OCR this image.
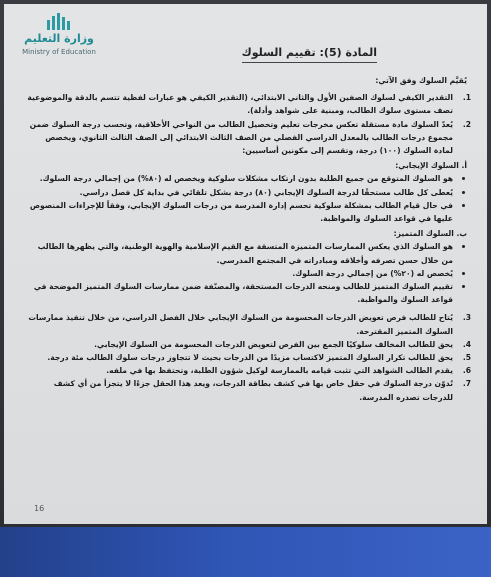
وزارة التعليم
Ministry of Education	المادة (5): تقييم السلوك

يُقيَّم السلوك وفق الآتي:

1.
التقدير الكيفي لسلوك الصفين الأول والثاني الابتدائي، (التقدير الكيفي هو عبارات لفظية تتسم بالدقة والموضوعية تصف مستوى سلوك الطالب، ومبنية على شواهد وأدلة).

2.
يُعدّ السلوك مادة مستقلة تعكس مخرجات تعليم وتحصيل الطالب من النواحي الأخلاقية، وتحسب درجة السلوك ضمن مجموع درجات الطالب بالمعدل الدراسي الفصلي من الصف الثالث الابتدائي إلى الصف الثالث الثانوي، ويخصص لمادة السلوك (١٠٠) درجة، وتقسم إلى مكونين أساسيين:

أ. السلوك الإيجابي:

هو السلوك المتوقع من جميع الطلبة بدون ارتكاب مشكلات سلوكية ويخصص له (٨٠%) من إجمالي درجة السلوك.

يُعطى كل طالب مستحقًا لدرجة السلوك الإيجابي (٨٠) درجة بشكل تلقائي في بداية كل فصل دراسي.

في حال قيام الطالب بمشكلة سلوكية تحسم إدارة المدرسة من درجات السلوك الإيجابي، وفقاً للإجراءات المنصوص عليها في قواعد السلوك والمواظبة.

ب. السلوك المتميز:

هو السلوك الذي يعكس الممارسات المتميزة المتسقة مع القيم الإسلامية والهوية الوطنية، والتي يظهرها الطالب من خلال حسن تصرفه وأخلاقه ومبادراته في المجتمع المدرسي.

يُخصص له (٢٠%) من إجمالي درجة السلوك.

تقييم السلوك المتميز للطالب ومنحه الدرجات المستحقة، والمصنّفة ضمن ممارسات السلوك المتميز الموضحة في قواعد السلوك والمواظبة.

3.
يُتاح للطالب فرص تعويض الدرجات المحسومة من السلوك الإيجابي خلال الفصل الدراسي، من خلال تنفيذ ممارسات السلوك المتميز المقترحة.

4.
يحق للطالب المخالف سلوكيًا الجمع بين الفرص لتعويض الدرجات المحسومة من السلوك الإيجابي.

5.
يحق للطالب تكرار السلوك المتميز لاكتساب مزيدًا من الدرجات بحيث لا تتجاوز درجات سلوك الطالب مئة درجة.

6.
يقدم الطالب الشواهد التي تثبت قيامه بالممارسة لوكيل شؤون الطلبة، وتحتفظ بها في ملفه.

7.
تُدوّن درجة السلوك في حقل خاص بها في كشف بطاقة الدرجات، ويعد هذا الحقل جزءًا لا يتجزأ من أي كشف للدرجات تصدره المدرسة.

16
